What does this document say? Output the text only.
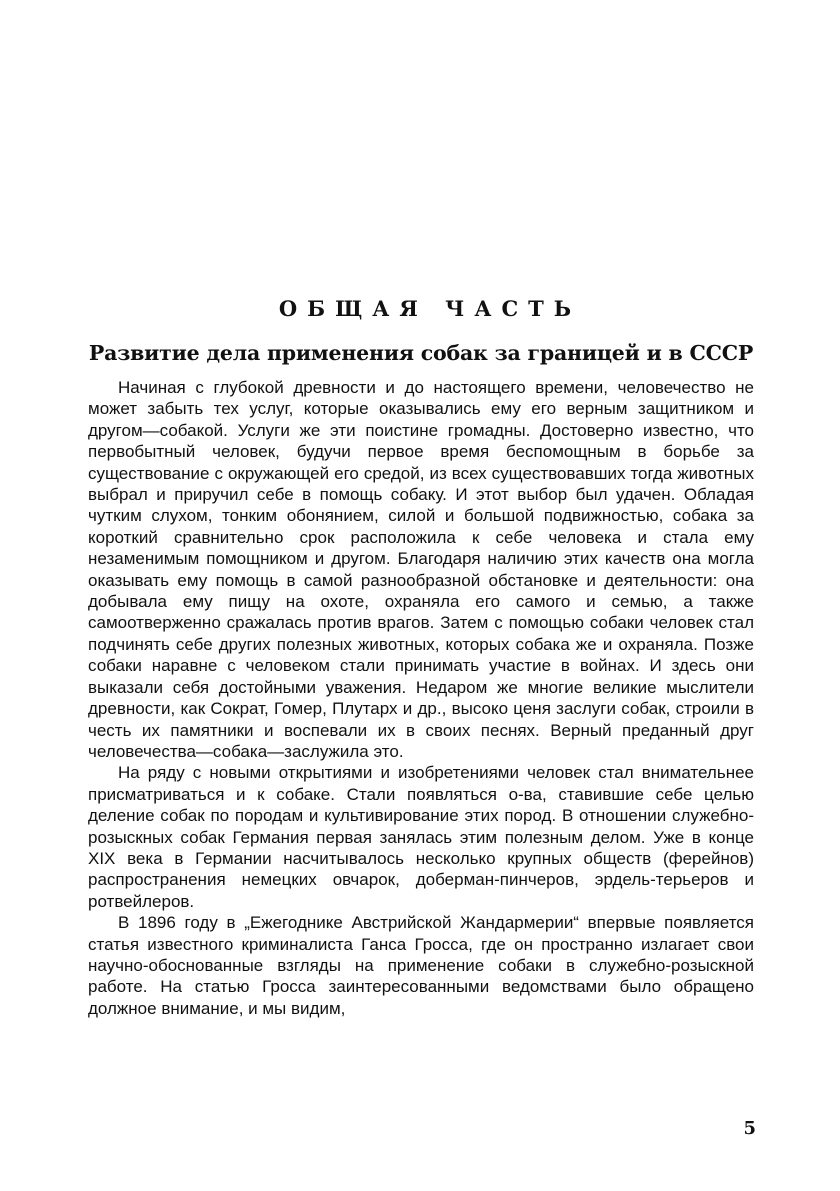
ОБЩАЯ ЧАСТЬ
Развитие дела применения собак за границей и в СССР

Начиная с глубокой древности и до настоящего времени, человечество не может забыть тех услуг, которые оказывались ему его верным защитником и другом—собакой. Услуги же эти поистине громадны. Достоверно известно, что первобытный человек, будучи первое время беспомощным в борьбе за существование с окружающей его средой, из всех существовавших тогда животных выбрал и приручил себе в помощь собаку. И этот выбор был удачен. Обладая чутким слухом, тонким обонянием, силой и большой подвижностью, собака за короткий сравнительно срок расположила к себе человека и стала ему незаменимым помощником и другом. Благодаря наличию этих качеств она могла оказывать ему помощь в самой разнообразной обстановке и деятельности: она добывала ему пищу на охоте, охраняла его самого и семью, а также самоотверженно сражалась против врагов. Затем с помощью собаки человек стал подчинять себе других полезных животных, которых собака же и охраняла. Позже собаки наравне с человеком стали принимать участие в войнах. И здесь они выказали себя достойными уважения. Недаром же многие великие мыслители древности, как Сократ, Гомер, Плутарх и др., высоко ценя заслуги собак, строили в честь их памятники и воспевали их в своих песнях. Верный преданный друг человечества—собака—заслужила это.

На ряду с новыми открытиями и изобретениями человек стал внимательнее присматриваться и к собаке. Стали появляться о-ва, ставившие себе целью деление собак по породам и культивирование этих пород. В отношении служебно-розыскных собак Германия первая занялась этим полезным делом. Уже в конце XIX века в Германии насчитывалось несколько крупных обществ (ферейнов) распространения немецких овчарок, доберман-пинчеров, эрдель-терьеров и ротвейлеров.

В 1896 году в „Ежегоднике Австрийской Жандармерии“ впервые появляется статья известного криминалиста Ганса Гросса, где он пространно излагает свои научно-обоснованные взгляды на применение собаки в служебно-розыскной работе. На статью Гросса заинтересованными ведомствами было обращено должное внимание, и мы видим,

5
